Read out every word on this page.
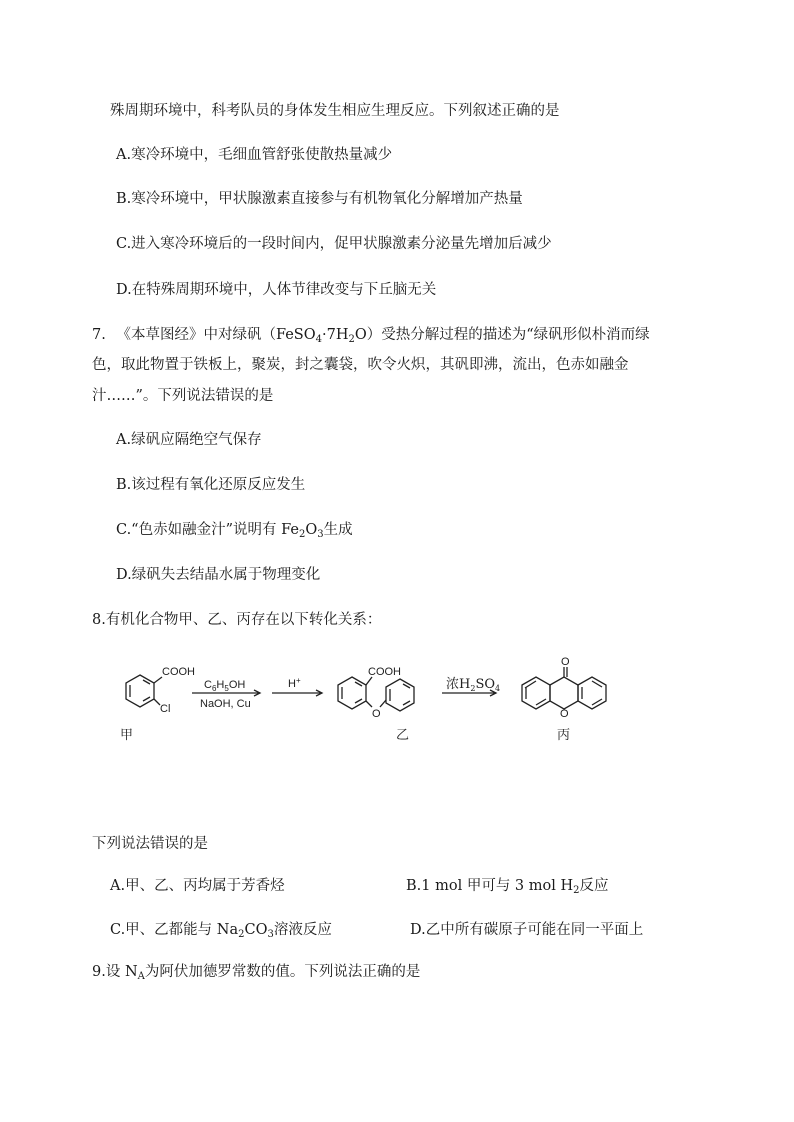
殊周期环境中，科考队员的身体发生相应生理反应。下列叙述正确的是
A.寒冷环境中，毛细血管舒张使散热量减少
B.寒冷环境中，甲状腺激素直接参与有机物氧化分解增加产热量
C.进入寒冷环境后的一段时间内，促甲状腺激素分泌量先增加后减少
D.在特殊周期环境中，人体节律改变与下丘脑无关
7. 《本草图经》中对绿矾$(FeSO_4\cdot 7H_2O)$受热分解过程的描述为“绿矾形似朴消而绿
色，取此物置于铁板上，聚炭，封之囊袋，吹令火炽，其矾即沸，流出，色赤如融金
汁……”。下列说法错误的是
A.绿矾应隔绝空气保存
B.该过程有氧化还原反应发生
C.“色赤如融金汁”说明有 $Fe_2O_3$生成
D.绿矾失去结晶水属于物理变化
8.有机化合物甲、乙、丙存在以下转化关系：
COOH
Cl
$C_6H_5OH$
NaOH, Cu
H+
COOH
O
浓$H_2SO_4$
O
O
甲	乙	丙
下列说法错误的是
A.甲、乙、丙均属于芳香烃	B.1 mol 甲可与 3 mol $H_2$反应
C.甲、乙都能与 $Na_2CO_3$溶液反应	D.乙中所有碳原子可能在同一平面上
9.设 $N_A$为阿伏加德罗常数的值。下列说法正确的是
